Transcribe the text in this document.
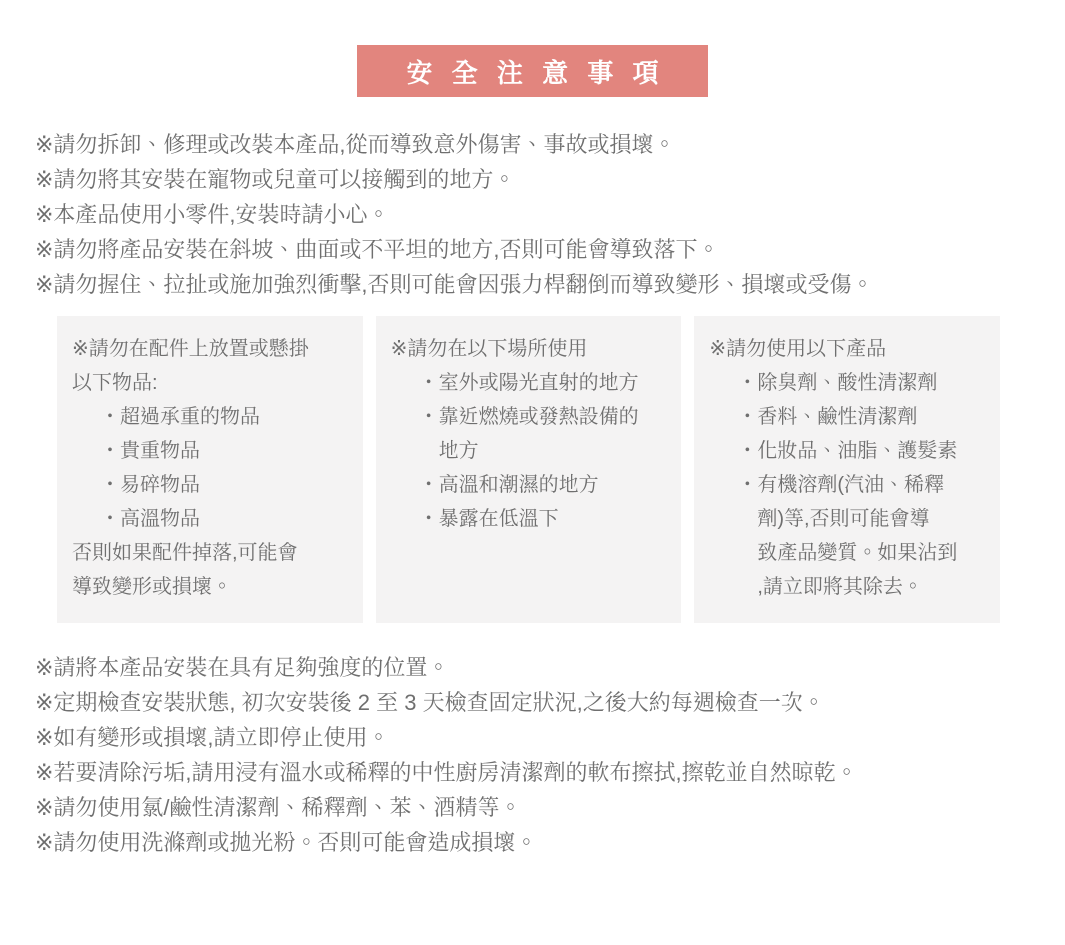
安 全 注 意 事 項
※請勿拆卸、修理或改裝本產品,從而導致意外傷害、事故或損壞。
※請勿將其安裝在寵物或兒童可以接觸到的地方。
※本產品使用小零件,安裝時請小心。
※請勿將產品安裝在斜坡、曲面或不平坦的地方,否則可能會導致落下。
※請勿握住、拉扯或施加強烈衝擊,否則可能會因張力桿翻倒而導致變形、損壞或受傷。
※請勿在配件上放置或懸掛
以下物品:
・超過承重的物品
・貴重物品
・易碎物品
・高溫物品
否則如果配件掉落,可能會
導致變形或損壞。
※請勿在以下場所使用
・室外或陽光直射的地方
・靠近燃燒或發熱設備的
地方
・高溫和潮濕的地方
・暴露在低溫下
※請勿使用以下產品
・除臭劑、酸性清潔劑
・香料、鹼性清潔劑
・化妝品、油脂、護髮素
・有機溶劑(汽油、稀釋
劑)等,否則可能會導
致產品變質。如果沾到
,請立即將其除去。
※請將本產品安裝在具有足夠強度的位置。
※定期檢查安裝狀態, 初次安裝後 2 至 3 天檢查固定狀況,之後大約每週檢查一次。
※如有變形或損壞,請立即停止使用。
※若要清除污垢,請用浸有溫水或稀釋的中性廚房清潔劑的軟布擦拭,擦乾並自然晾乾。
※請勿使用氯/鹼性清潔劑、稀釋劑、苯、酒精等。
※請勿使用洗滌劑或拋光粉。否則可能會造成損壞。
